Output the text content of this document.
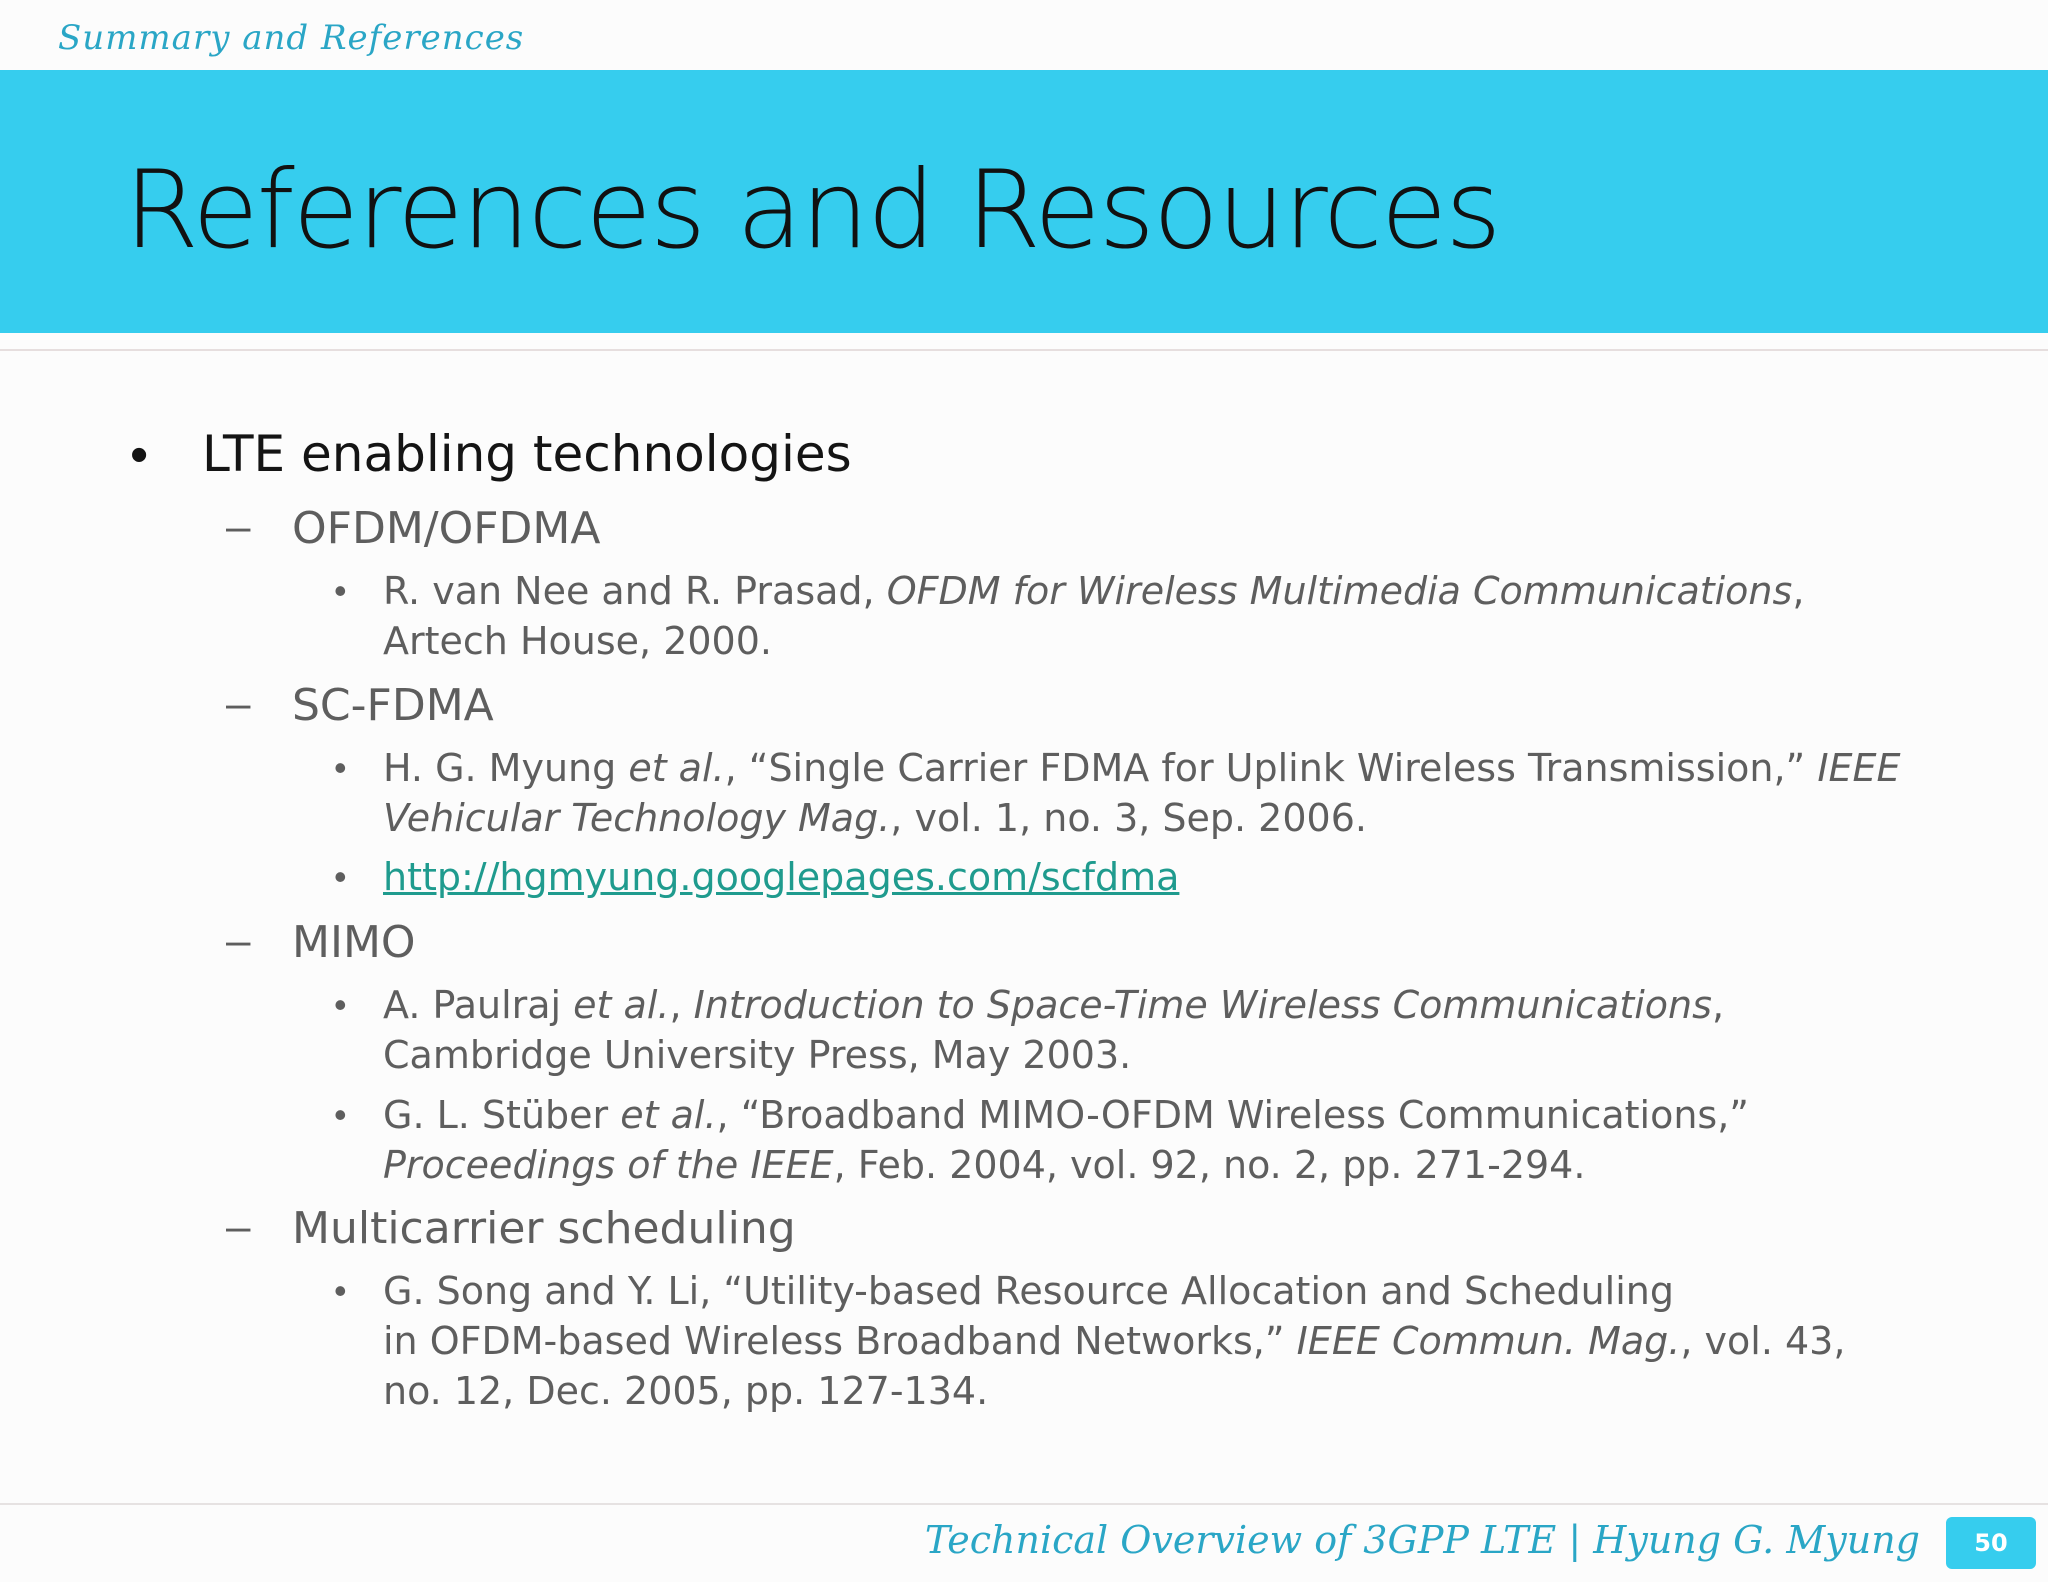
Summary and References
References and Resources
• LTE enabling technologies
– OFDM/OFDMA
• R. van Nee and R. Prasad, OFDM for Wireless Multimedia Communications,
Artech House, 2000.
– SC-FDMA
• H. G. Myung et al., “Single Carrier FDMA for Uplink Wireless Transmission,” IEEE
Vehicular Technology Mag., vol. 1, no. 3, Sep. 2006.
• http://hgmyung.googlepages.com/scfdma
– MIMO
• A. Paulraj et al., Introduction to Space-Time Wireless Communications,
Cambridge University Press, May 2003.
• G. L. Stüber et al., “Broadband MIMO-OFDM Wireless Communications,”
Proceedings of the IEEE, Feb. 2004, vol. 92, no. 2, pp. 271-294.
– Multicarrier scheduling
• G. Song and Y. Li, “Utility-based Resource Allocation and Scheduling
in OFDM-based Wireless Broadband Networks,” IEEE Commun. Mag., vol. 43,
no. 12, Dec. 2005, pp. 127-134.
Technical Overview of 3GPP LTE | Hyung G. Myung	50
